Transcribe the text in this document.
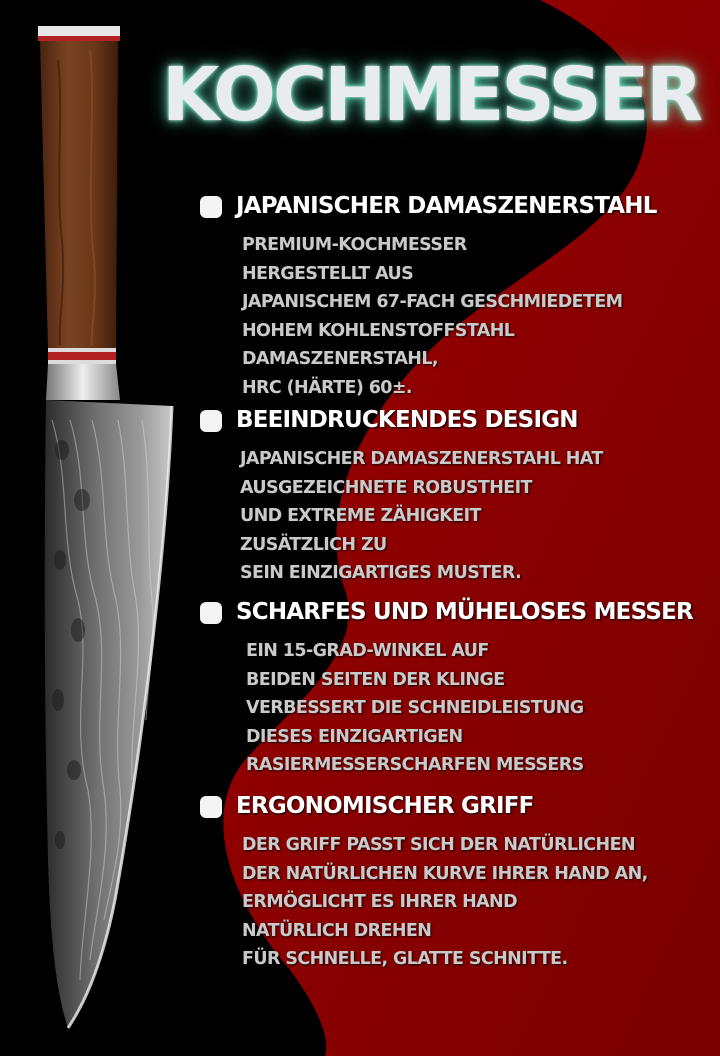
KOCHMESSER
JAPANISCHER DAMASZENERSTAHL
PREMIUM-KOCHMESSER
HERGESTELLT AUS
JAPANISCHEM 67-FACH GESCHMIEDETEM
HOHEM KOHLENSTOFFSTAHL
DAMASZENERSTAHL,
HRC (HÄRTE) 60±.
BEEINDRUCKENDES DESIGN
JAPANISCHER DAMASZENERSTAHL HAT
AUSGEZEICHNETE ROBUSTHEIT
UND EXTREME ZÄHIGKEIT
ZUSÄTZLICH ZU
SEIN EINZIGARTIGES MUSTER.
SCHARFES UND MÜHELOSES MESSER
EIN 15-GRAD-WINKEL AUF
BEIDEN SEITEN DER KLINGE
VERBESSERT DIE SCHNEIDLEISTUNG
DIESES EINZIGARTIGEN
RASIERMESSERSCHARFEN MESSERS
ERGONOMISCHER GRIFF
DER GRIFF PASST SICH DER NATÜRLICHEN
DER NATÜRLICHEN KURVE IHRER HAND AN,
ERMÖGLICHT ES IHRER HAND
NATÜRLICH DREHEN
FÜR SCHNELLE, GLATTE SCHNITTE.
